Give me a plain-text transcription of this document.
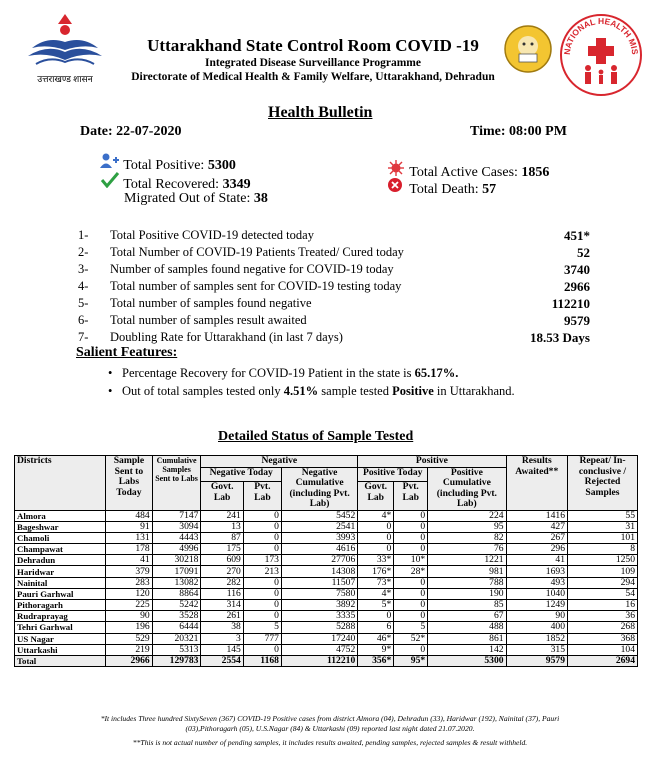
उत्तराखण्ड शासन
Uttarakhand State Control Room COVID -19
Integrated Disease Surveillance Programme
Directorate of Medical Health & Family Welfare, Uttarakhand, Dehradun
NATIONAL HEALTH MIS
Health Bulletin
Date: 22-07-2020	Time: 08:00 PM
Total Positive: 5300
Total Recovered: 3349
Migrated Out of State: 38
Total Active Cases: 1856
Total Death: 57
1- Total Positive COVID-19 detected today	451*
2- Total Number of COVID-19 Patients Treated/ Cured today	52
3- Number of samples found negative for COVID-19 today	3740
4- Total number of samples sent for COVID-19 testing today	2966
5- Total number of samples found negative	112210
6- Total number of samples result awaited	9579
7- Doubling Rate for Uttarakhand (in last 7 days)	18.53 Days
Salient Features:
• Percentage Recovery for COVID-19 Patient in the state is 65.17%.
• Out of total samples tested only 4.51% sample tested Positive in Uttarakhand.
Detailed Status of Sample Tested
Districts	Sample Sent to Labs Today	Cumulative Samples Sent to Labs	Negative			Positive			Results Awaited**	Repeat/ In-conclusive / Rejected Samples
			Negative Today		Negative Cumulative (including Pvt. Lab)	Positive Today		Positive Cumulative (including Pvt. Lab)		
			Govt. Lab	Pvt. Lab		Govt. Lab	Pvt. Lab			
Almora	484	7147	241	0	5452	4*	0	224	1416	55
Bageshwar	91	3094	13	0	2541	0	0	95	427	31
Chamoli	131	4443	87	0	3993	0	0	82	267	101
Champawat	178	4996	175	0	4616	0	0	76	296	8
Dehradun	41	30218	609	173	27706	33*	10*	1221	41	1250
Haridwar	379	17091	270	213	14308	176*	28*	981	1693	109
Nainital	283	13082	282	0	11507	73*	0	788	493	294
Pauri Garhwal	120	8864	116	0	7580	4*	0	190	1040	54
Pithoragarh	225	5242	314	0	3892	5*	0	85	1249	16
Rudraprayag	90	3528	261	0	3335	0	0	67	90	36
Tehri Garhwal	196	6444	38	5	5288	6	5	488	400	268
US Nagar	529	20321	3	777	17240	46*	52*	861	1852	368
Uttarkashi	219	5313	145	0	4752	9*	0	142	315	104
Total	2966	129783	2554	1168	112210	356*	95*	5300	9579	2694
*It includes Three hundred SixtySeven (367) COVID-19 Positive cases from district Almora (04), Dehradun (33), Haridwar (192), Nainital (37), Pauri (03),Pithoragarh (05), U.S.Nagar (84) & Uttarkashi (09) reported last night dated 21.07.2020.
**This is not actual number of pending samples, it includes results awaited, pending samples, rejected samples & result withheld.
